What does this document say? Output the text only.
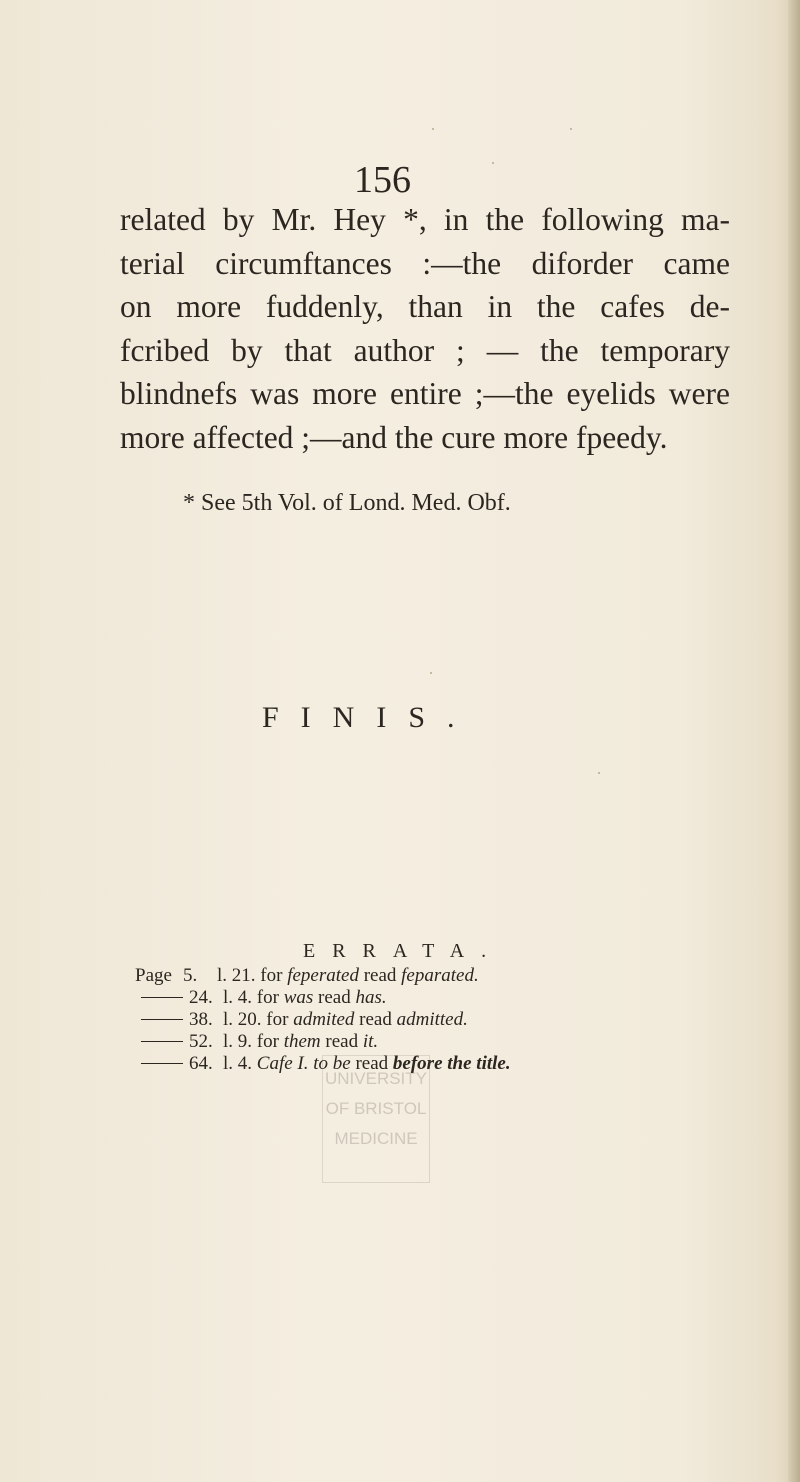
156
related by Mr. Hey *, in the following ma-
terial circumftances :—the diforder came
on more fuddenly, than in the cafes de-
fcribed by that author ; — the temporary
blindnefs was more entire ;—the eyelids were
more affected ;—and the cure more fpeedy.
* See 5th Vol. of Lond. Med. Obf.
FINIS.
ERRATA.
Page 5.	l. 21.
for
feperated
read
feparated.
24. l. 4.
for
was
read
has.
38. l. 20.
for
admited
read
admitted.
52. l. 9.
for
them
read
it.
64. l. 4.
Cafe I. to be
read
before the title.
UNIVERSITY
OF BRISTOL
MEDICINE
